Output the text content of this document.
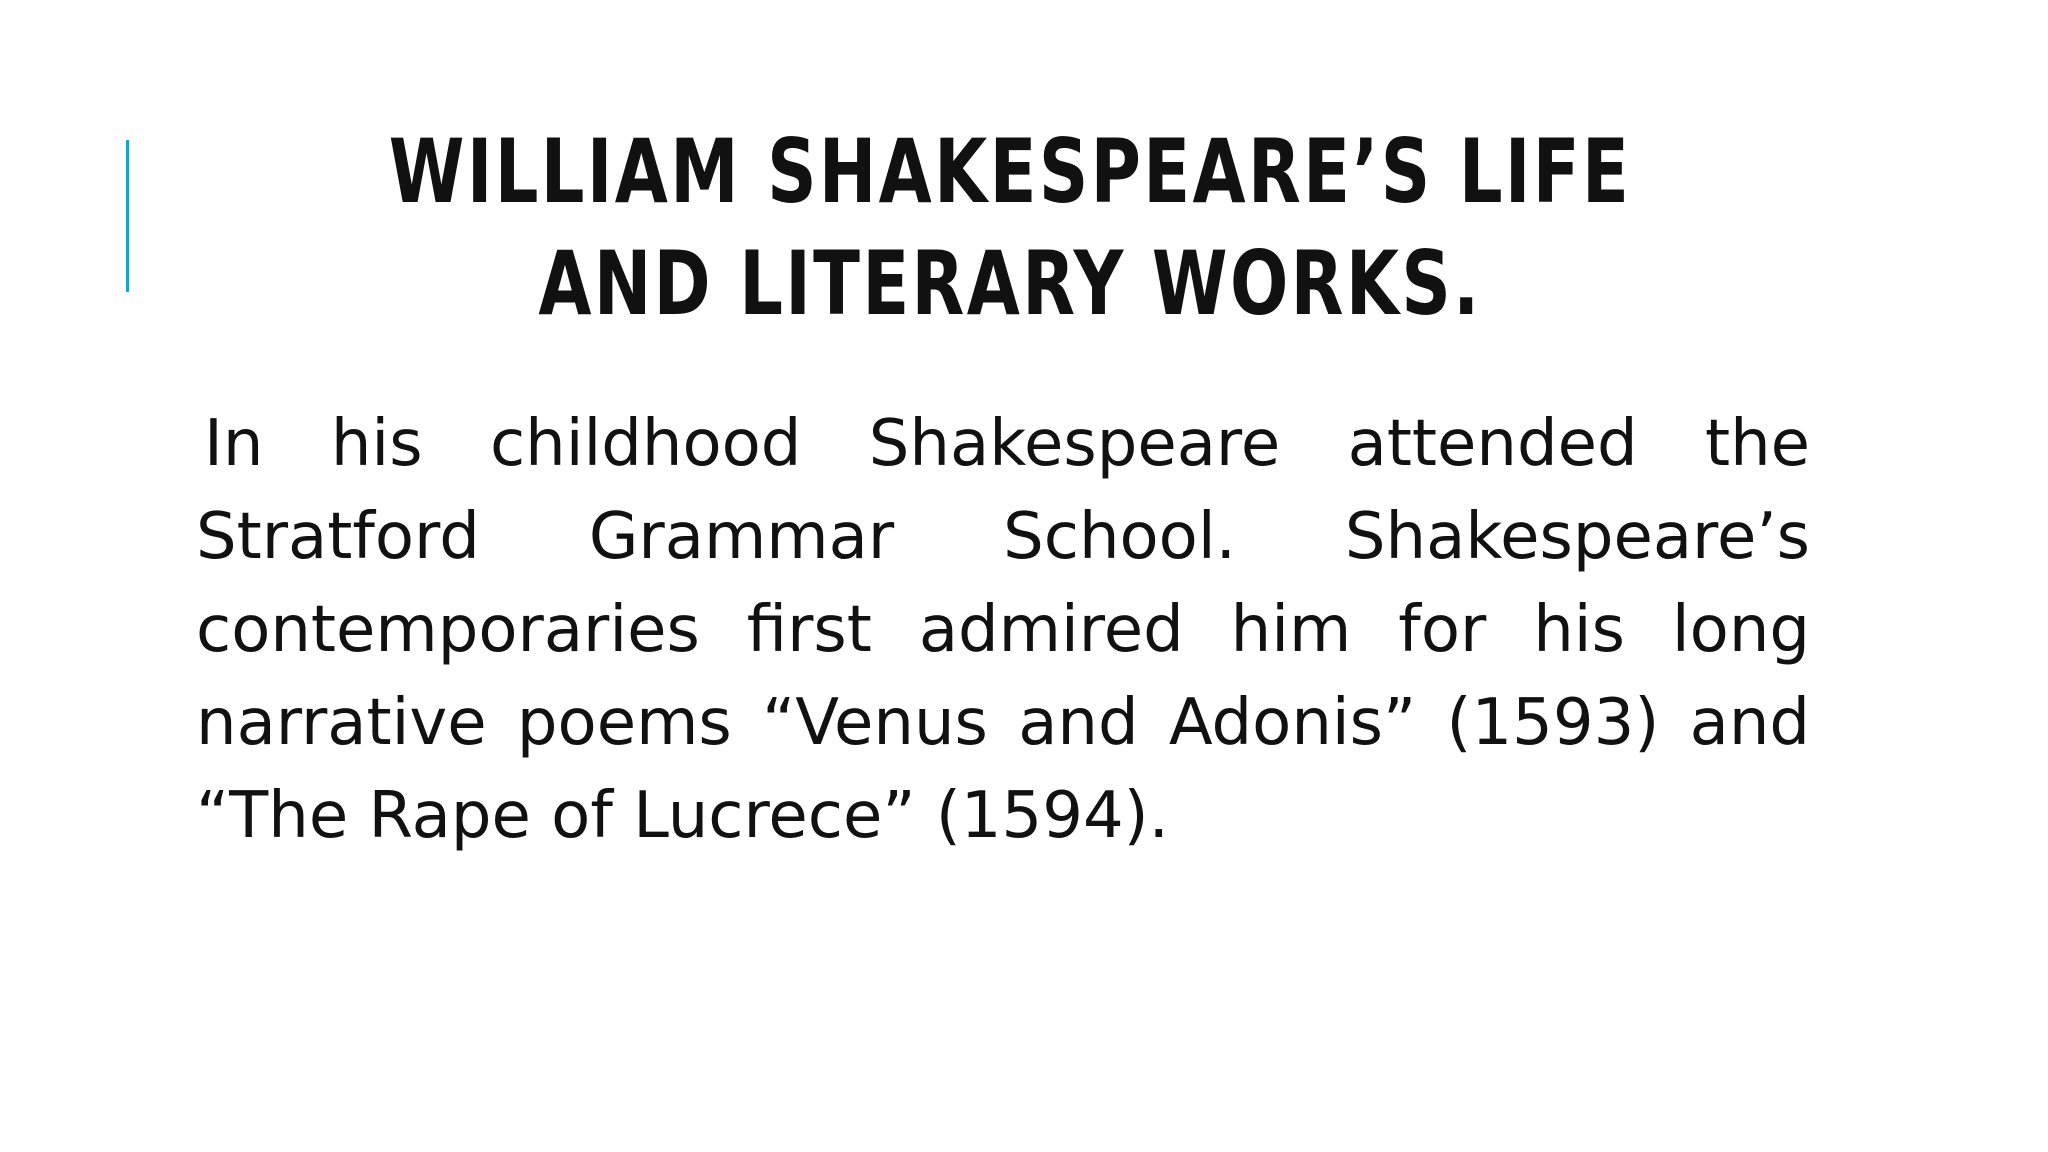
WILLIAM SHAKESPEARE’S LIFE AND LITERARY WORKS.

In his childhood Shakespeare attended the Stratford Grammar School. Shakespeare’s contemporaries first admired him for his long narrative poems “Venus and Adonis” (1593) and “The Rape of Lucrece” (1594).
